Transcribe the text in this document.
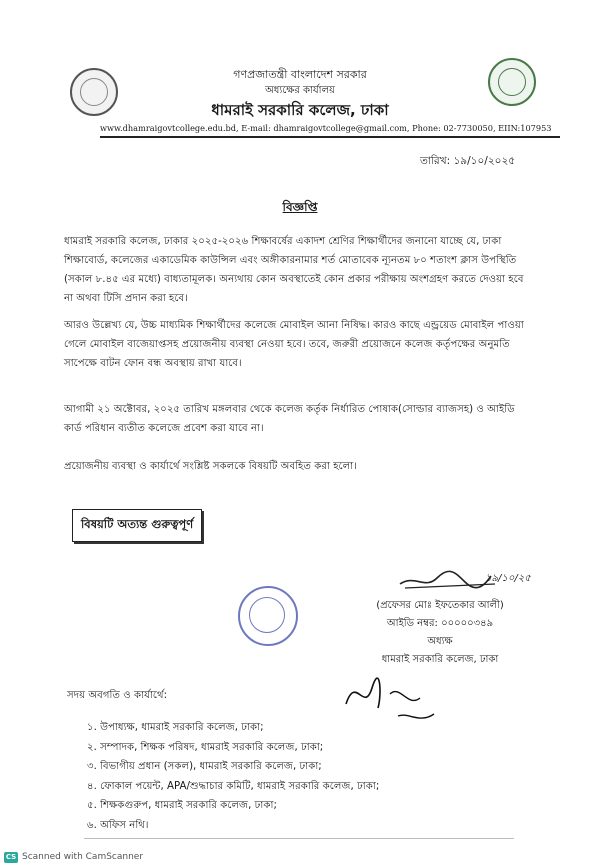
গণপ্রজাতন্ত্রী বাংলাদেশ সরকার
অধ্যক্ষের কার্যালয়
ধামরাই সরকারি কলেজ, ঢাকা
www.dhamraigovtcollege.edu.bd, E-mail: dhamraigovtcollege@gmail.com, Phone: 02-7730050, EIIN:107953
তারিখ: ১৯/১০/২০২৫
বিজ্ঞপ্তি
ধামরাই সরকারি কলেজ, ঢাকার ২০২৫-২০২৬ শিক্ষাবর্ষের একাদশ শ্রেণির শিক্ষার্থীদের জনানো যাচ্ছে যে, ঢাকা শিক্ষাবোর্ড, কলেজের একাডেমিক কাউন্সিল এবং অঙ্গীকারনামার শর্ত মোতাবেক ন্যূনতম ৮০ শতাংশ ক্লাস উপস্থিতি (সকাল ৮.৪৫ এর মধ্যে) বাধ্যতামূলক। অন্যথায় কোন অবস্থাতেই কোন প্রকার পরীক্ষায় অংশগ্রহণ করতে দেওয়া হবে না অথবা টিসি প্রদান করা হবে।
আরও উল্লেখ্য যে, উচ্চ মাধ্যমিক শিক্ষার্থীদের কলেজে মোবাইল আনা নিষিদ্ধ। কারও কাছে এন্ড্রয়েড মোবাইল পাওয়া গেলে মোবাইল বাজেয়াপ্তসহ প্রয়োজনীয় ব্যবস্থা নেওয়া হবে। তবে, জরুরী প্রয়োজনে কলেজ কর্তৃপক্ষের অনুমতি সাপেক্ষে বাটন ফোন বন্ধ অবস্থায় রাখা যাবে।
আগামী ২১ অক্টোবর, ২০২৫ তারিখ মঙ্গলবার থেকে কলেজ কর্তৃক নির্ধারিত পোষাক(সোল্ডার ব্যাজসহ) ও আইডি কার্ড পরিধান ব্যতীত কলেজে প্রবেশ করা যাবে না।
প্রয়োজনীয় ব্যবস্থা ও কার্যার্থে সংশ্লিষ্ট সকলকে বিষয়টি অবহিত করা হলো।
বিষয়টি অত্যন্ত গুরুত্বপূর্ণ
১৯/১০/২৫
(প্রফেসর মোঃ ইফতেকার আলী)
আইডি নম্বর: ০০০০০৩৪৯
অধ্যক্ষ
ধামরাই সরকারি কলেজ, ঢাকা
সদয় অবগতি ও কার্যার্থে:
১. উপাধ্যক্ষ, ধামরাই সরকারি কলেজ, ঢাকা;
২. সম্পাদক, শিক্ষক পরিষদ, ধামরাই সরকারি কলেজ, ঢাকা;
৩. বিভাগীয় প্রধান (সকল), ধামরাই সরকারি কলেজ, ঢাকা;
৪. ফোকাল পয়েন্ট, APA/শুদ্ধাচার কমিটি, ধামরাই সরকারি কলেজ, ঢাকা;
৫. শিক্ষকগুরুপ, ধামরাই সরকারি কলেজ, ঢাকা;
৬. অফিস নথি।
CS Scanned with CamScanner
